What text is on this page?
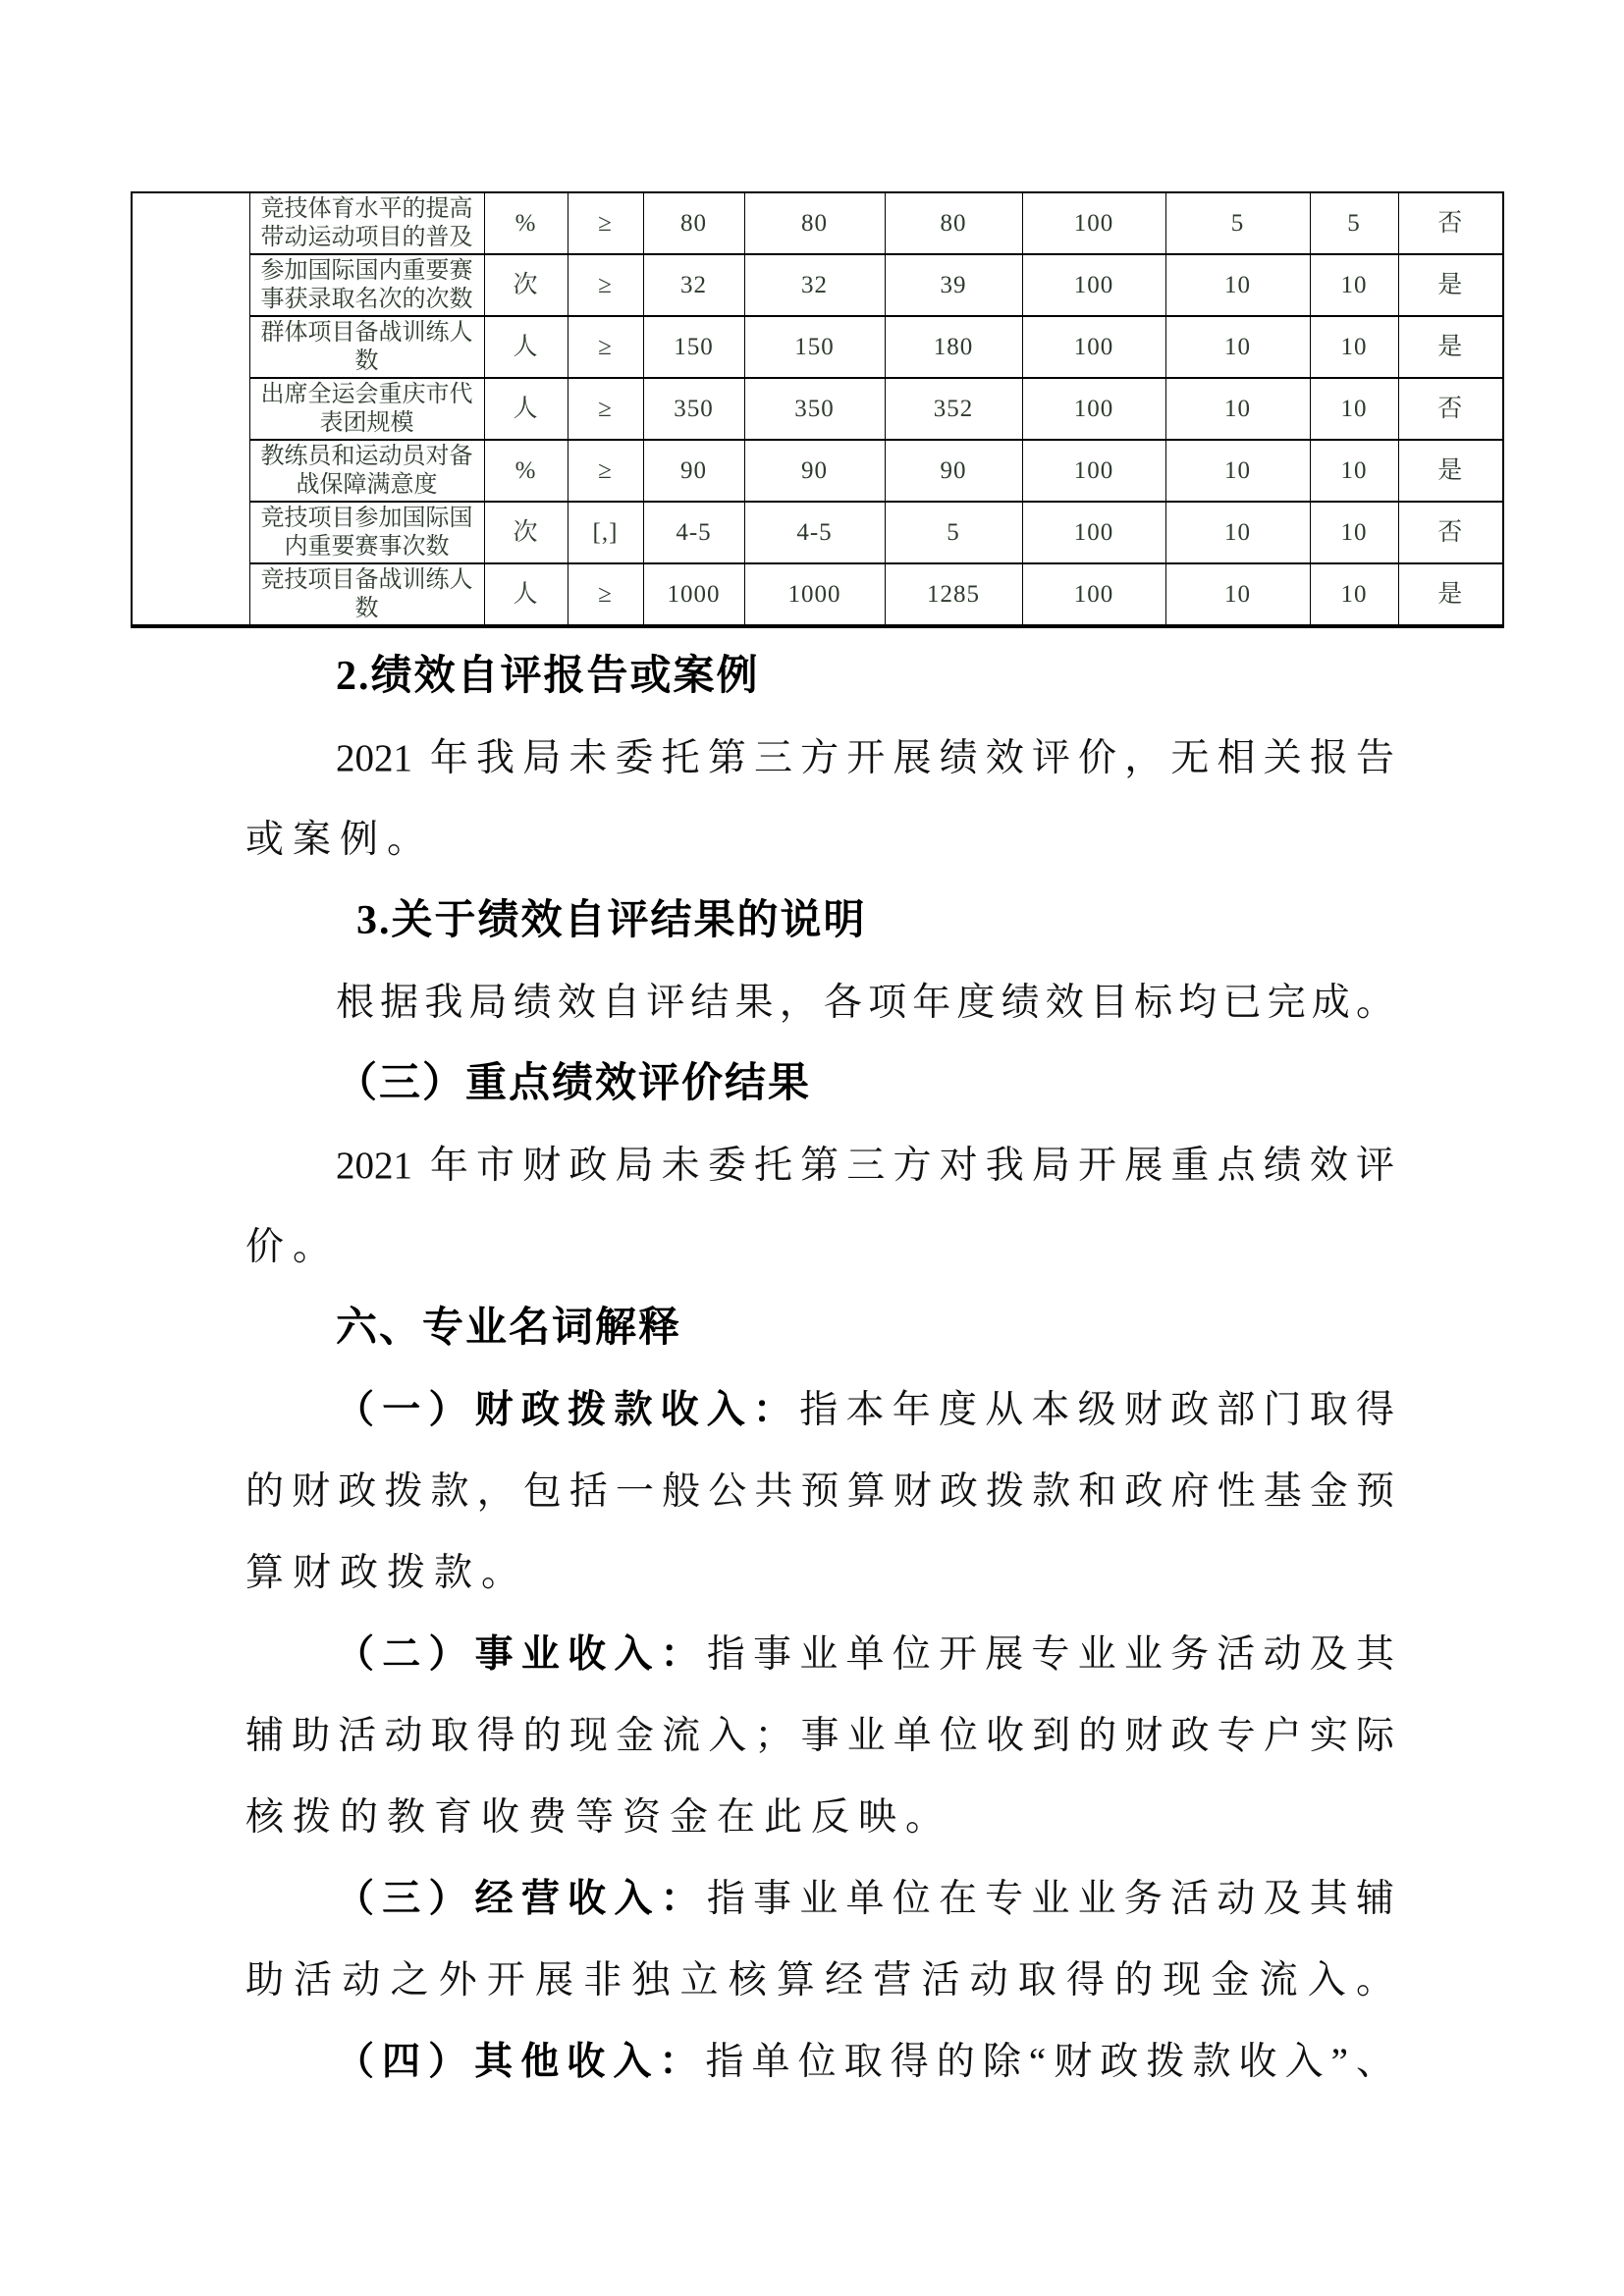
	竞技体育水平的提高带动运动项目的普及	%	≥	80	80	80	100	5	5	否
	参加国际国内重要赛事获录取名次的次数	次	≥	32	32	39	100	10	10	是
	群体项目备战训练人数	人	≥	150	150	180	100	10	10	是
	出席全运会重庆市代表团规模	人	≥	350	350	352	100	10	10	否
	教练员和运动员对备战保障满意度	%	≥	90	90	90	100	10	10	是
	竞技项目参加国际国内重要赛事次数	次	[,]	4-5	4-5	5	100	10	10	否
	竞技项目备战训练人数	人	≥	1000	1000	1285	100	10	10	是
2.绩效自评报告或案例
2021 年我局未委托第三方开展绩效评价，无相关报告
或案例。
3.关于绩效自评结果的说明
根据我局绩效自评结果，各项年度绩效目标均已完成。
（三）重点绩效评价结果
2021 年市财政局未委托第三方对我局开展重点绩效评
价。
六、专业名词解释
（一）财政拨款收入：指本年度从本级财政部门取得
的财政拨款，包括一般公共预算财政拨款和政府性基金预
算财政拨款。
（二）事业收入：指事业单位开展专业业务活动及其
辅助活动取得的现金流入；事业单位收到的财政专户实际
核拨的教育收费等资金在此反映。
（三）经营收入：指事业单位在专业业务活动及其辅
助活动之外开展非独立核算经营活动取得的现金流入。
（四）其他收入：指单位取得的除“财政拨款收入”、
